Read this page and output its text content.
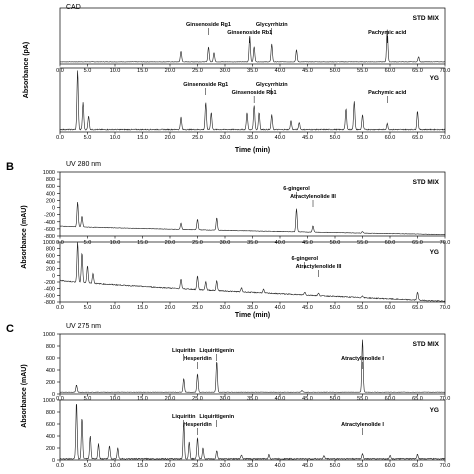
CAD
Absorbance (pA)	0.0	5.0	10.0	15.0	20.0	25.0	30.0	35.0	40.0	45.0	50.0	55.0	60.0	65.0	70.0
STD MIX
Ginsenoside Rg1
Ginsenoside Rb1
Glycyrrhizin
Pachymic acid
0.0	5.0	10.0	15.0	20.0	25.0	30.0	35.0	40.0	45.0	50.0	55.0	60.0	65.0	70.0
YG
Ginsenoside Rg1
Ginsenoside Rb1
Glycyrrhizin
Pachymic acid
Time (min)
B	UV 280 nm
Absorbance (mAU)	-800
-600
-400
-200
0
200
400
600
800
1000
0.0	5.0	10.0	15.0	20.0	25.0	30.0	35.0	40.0	45.0	50.0	55.0	60.0	65.0	70.0
STD MIX
6-gingerol
Atractylenolide III
-800
-600
-400
-200
0
200
400
600
800
1000
0.0	5.0	10.0	15.0	20.0	25.0	30.0	35.0	40.0	45.0	50.0	55.0	60.0	65.0	70.0
YG
6-gingerol
Atractylenolide III
Time (min)
C	UV 275 nm
Absorbance (mAU)	0
200
400
600
800
1000
0.0	5.0	10.0	15.0	20.0	25.0	30.0	35.0	40.0	45.0	50.0	55.0	60.0	65.0	70.0
STD MIX
Liquiritin
Hesperidin
Liquiritigenin
Atractylenolide I
0
200
400
600
800
1000
0.0	5.0	10.0	15.0	20.0	25.0	30.0	35.0	40.0	45.0	50.0	55.0	60.0	65.0	70.0
YG
Liquiritin
Hesperidin
Liquiritigenin
Atractylenolide I
